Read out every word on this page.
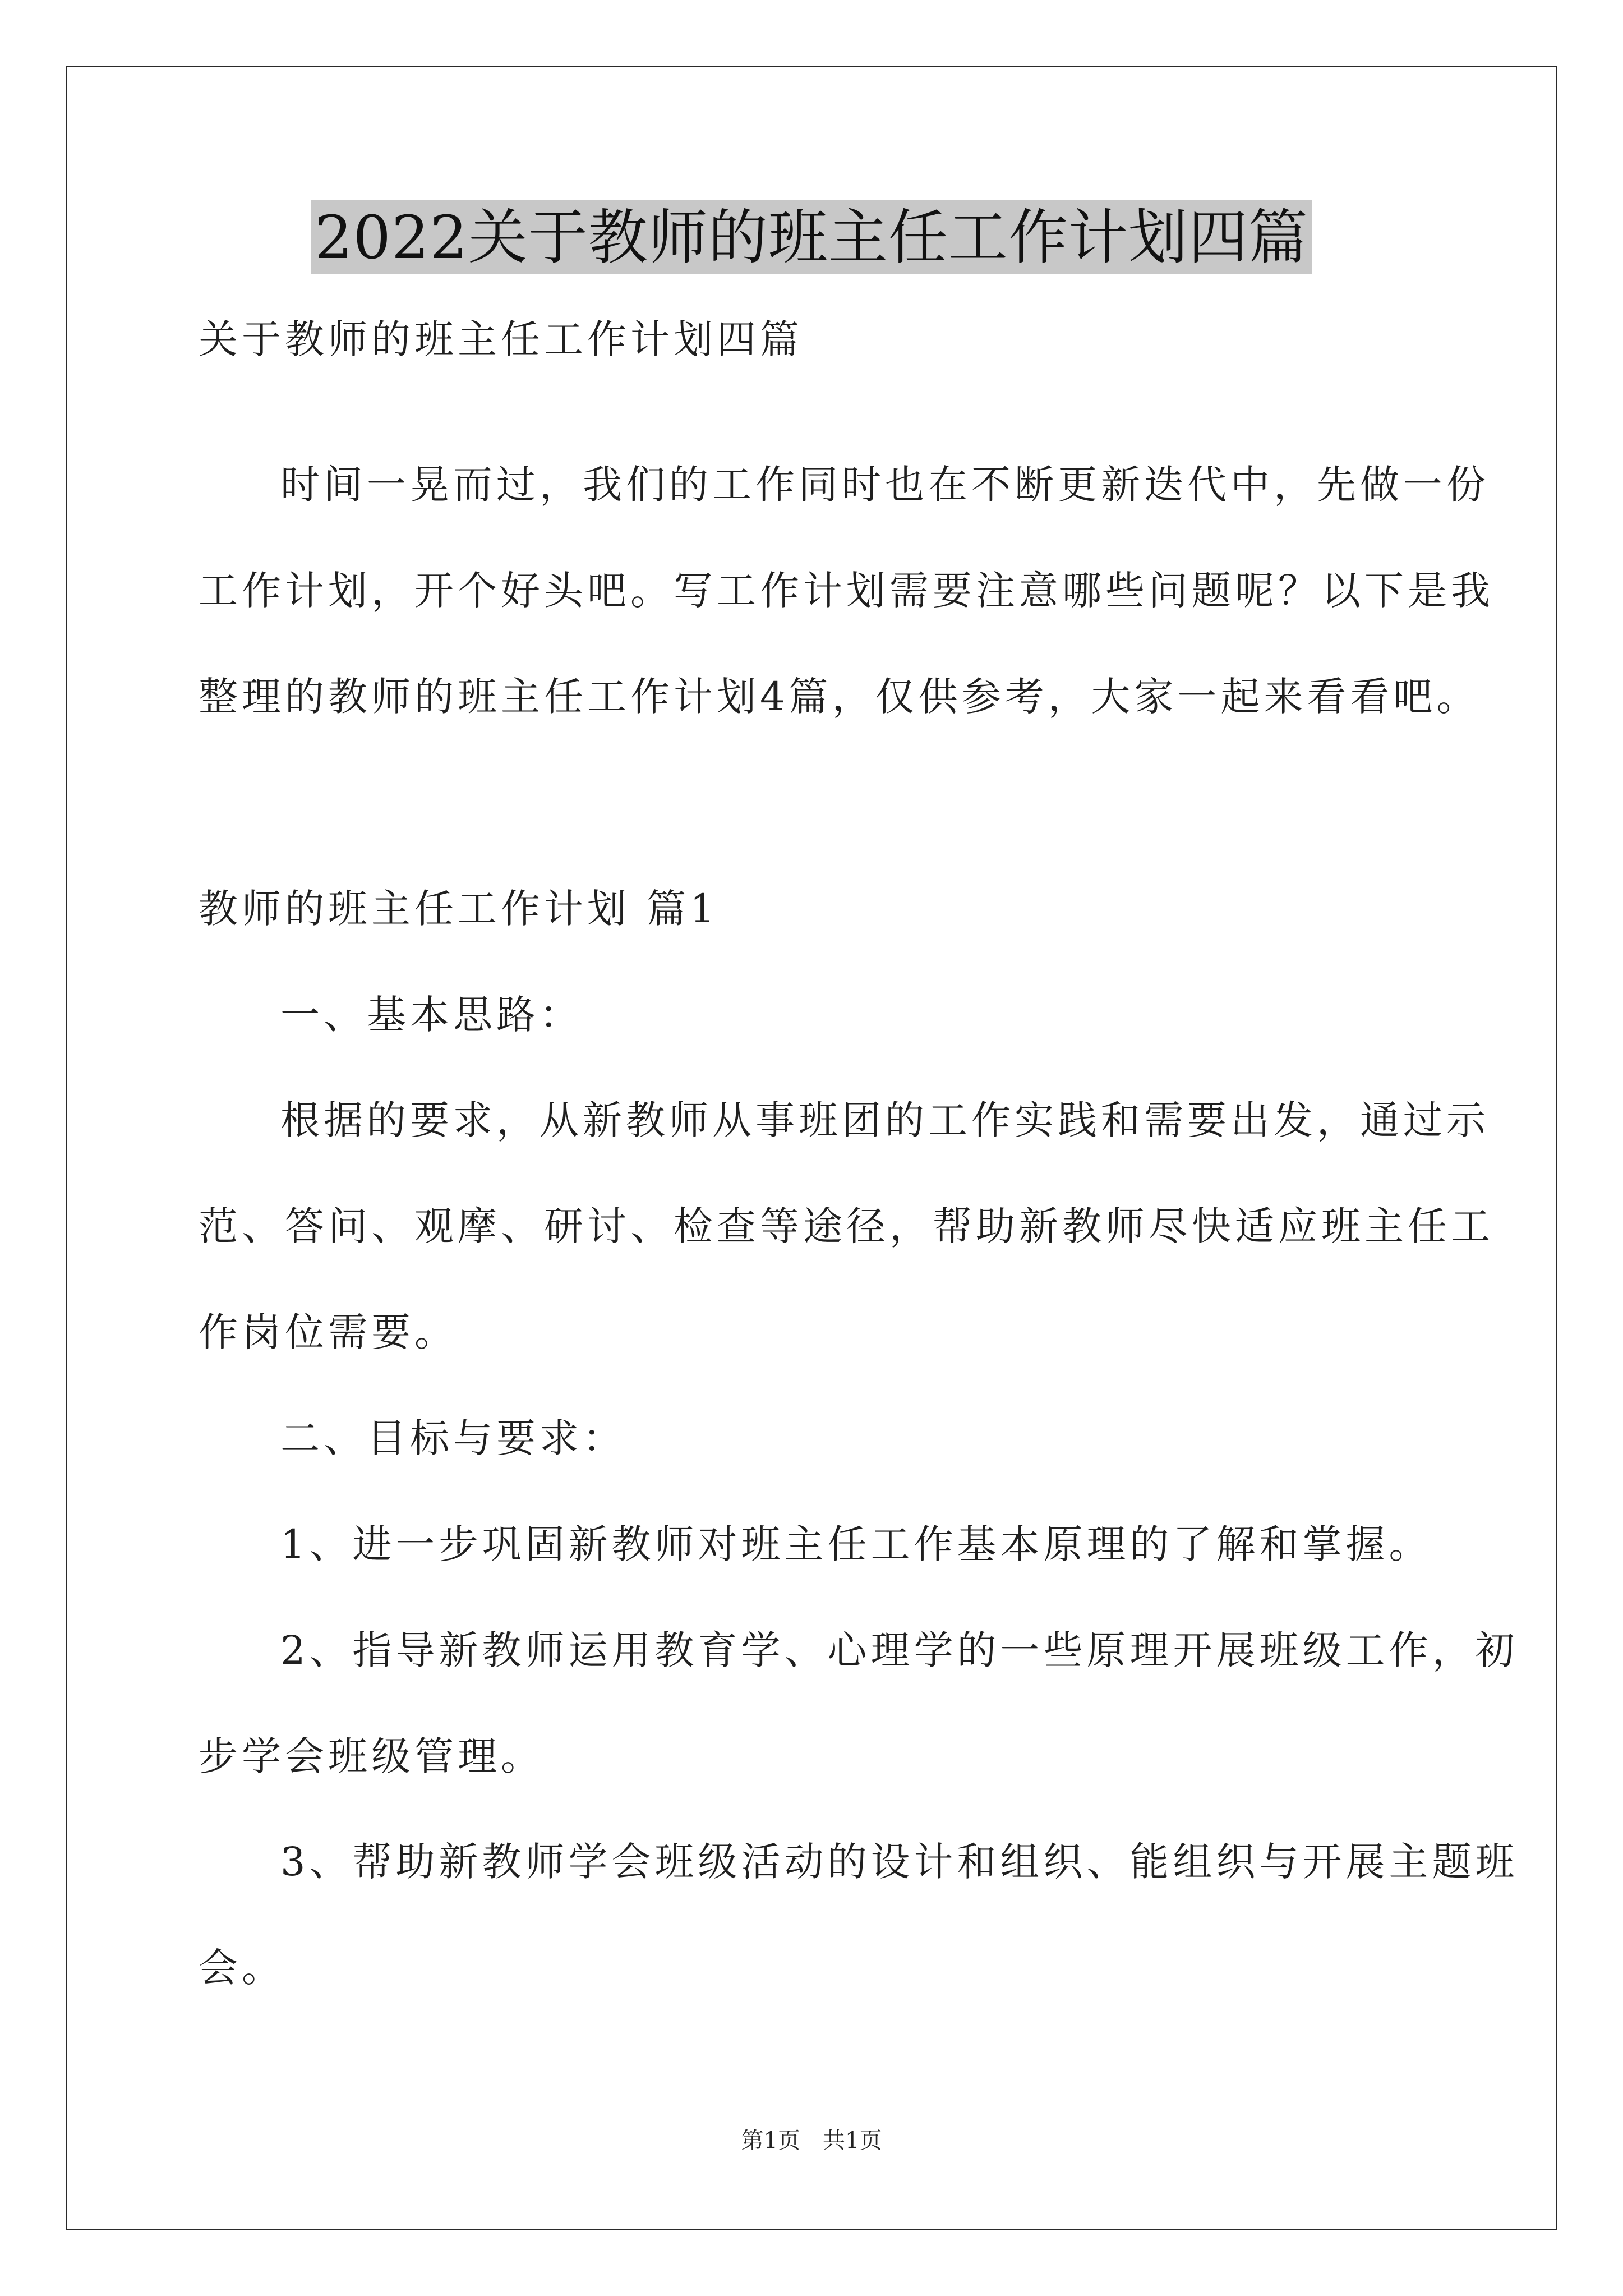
2022关于教师的班主任工作计划四篇
关于教师的班主任工作计划四篇
时间一晃而过，我们的工作同时也在不断更新迭代中，先做一份
工作计划，开个好头吧。写工作计划需要注意哪些问题呢？以下是我
整理的教师的班主任工作计划4篇，仅供参考，大家一起来看看吧。
教师的班主任工作计划 篇1
一、基本思路：
根据的要求，从新教师从事班团的工作实践和需要出发，通过示
范、答问、观摩、研讨、检查等途径，帮助新教师尽快适应班主任工
作岗位需要。
二、目标与要求：
1、进一步巩固新教师对班主任工作基本原理的了解和掌握。
2、指导新教师运用教育学、心理学的一些原理开展班级工作，初
步学会班级管理。
3、帮助新教师学会班级活动的设计和组织、能组织与开展主题班
会。
第1页　共1页
